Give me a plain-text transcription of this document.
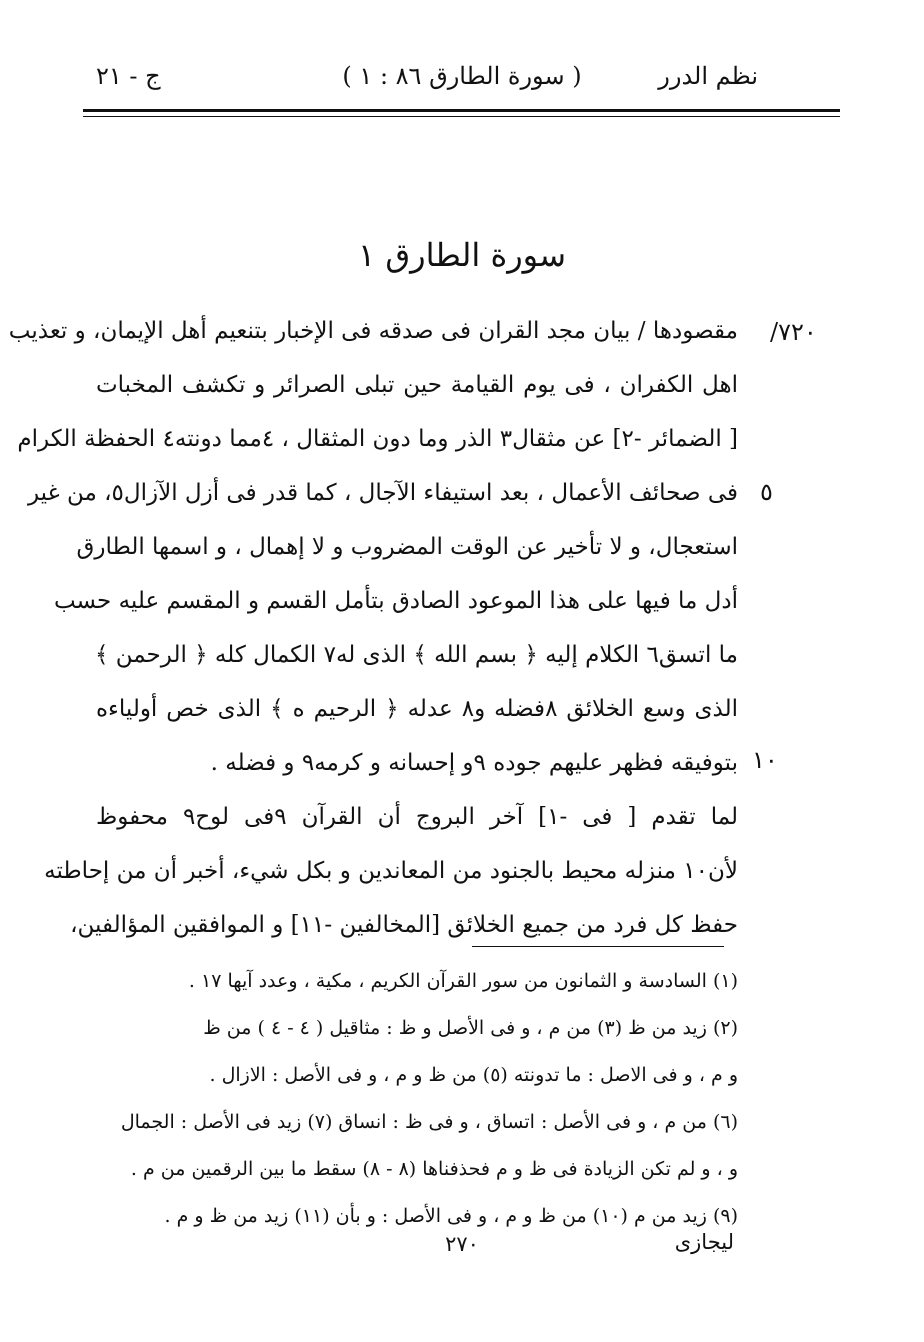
نظم الدرر
( سورة الطارق ٨٦ : ١ )
ج - ٢١
سورة الطارق ١
٧٢٠/
٥
١٠
مقصودها / بيان مجد القران فى صدقه فى الإخبار بتنعيم أهل الإيمان، و تعذيب
اهل الكفران ، فى يوم القيامة حين تبلى الصرائر و تكشف المخبات
[ الضمائر -٢] عن مثقال٣ الذر وما دون المثقال ، ٤مما دونته٤ الحفظة الكرام
فى صحائف الأعمال ، بعد استيفاء الآجال ، كما قدر فى أزل الآزال٥، من غير
استعجال، و لا تأخير عن الوقت المضروب و لا إهمال ، و اسمها الطارق
أدل ما فيها على هذا الموعود الصادق بتأمل القسم و المقسم عليه حسب
ما اتسق٦ الكلام إليه ﴿ بسم الله ﴾ الذى له٧ الكمال كله ﴿ الرحمن ﴾
الذى وسع الخلائق ٨فضله و٨ عدله ﴿ الرحيم ه ﴾ الذى خص أولياءه
بتوفيقه فظهر عليهم جوده ٩و إحسانه و كرمه٩ و فضله .
لما تقدم [ فى -١] آخر البروج أن القرآن ٩فى لوح٩ محفوظ
لأن١٠ منزله محيط بالجنود من المعاندين و بكل شيء، أخبر أن من إحاطته
حفظ كل فرد من جميع الخلائق [المخالفين -١١] و الموافقين المؤالفين،
(١) السادسة و الثمانون من سور القرآن الكريم ، مكية ، وعدد آيها ١٧ .
(٢) زيد من ظ (٣) من م ، و فى الأصل و ظ : مثاقيل ( ٤ - ٤ ) من ظ
و م ، و فى الاصل : ما تدونته (٥) من ظ و م ، و فى الأصل : الازال .
(٦) من م ، و فى الأصل : اتساق ، و فى ظ : انساق (٧) زيد فى الأصل : الجمال
و ، و لم تكن الزيادة فى ظ و م فحذفناها (٨ - ٨) سقط ما بين الرقمين من م .
(٩) زيد من م (١٠) من ظ و م ، و فى الأصل : و بأن (١١) زيد من ظ و م .
٢٧٠	ليجازى
